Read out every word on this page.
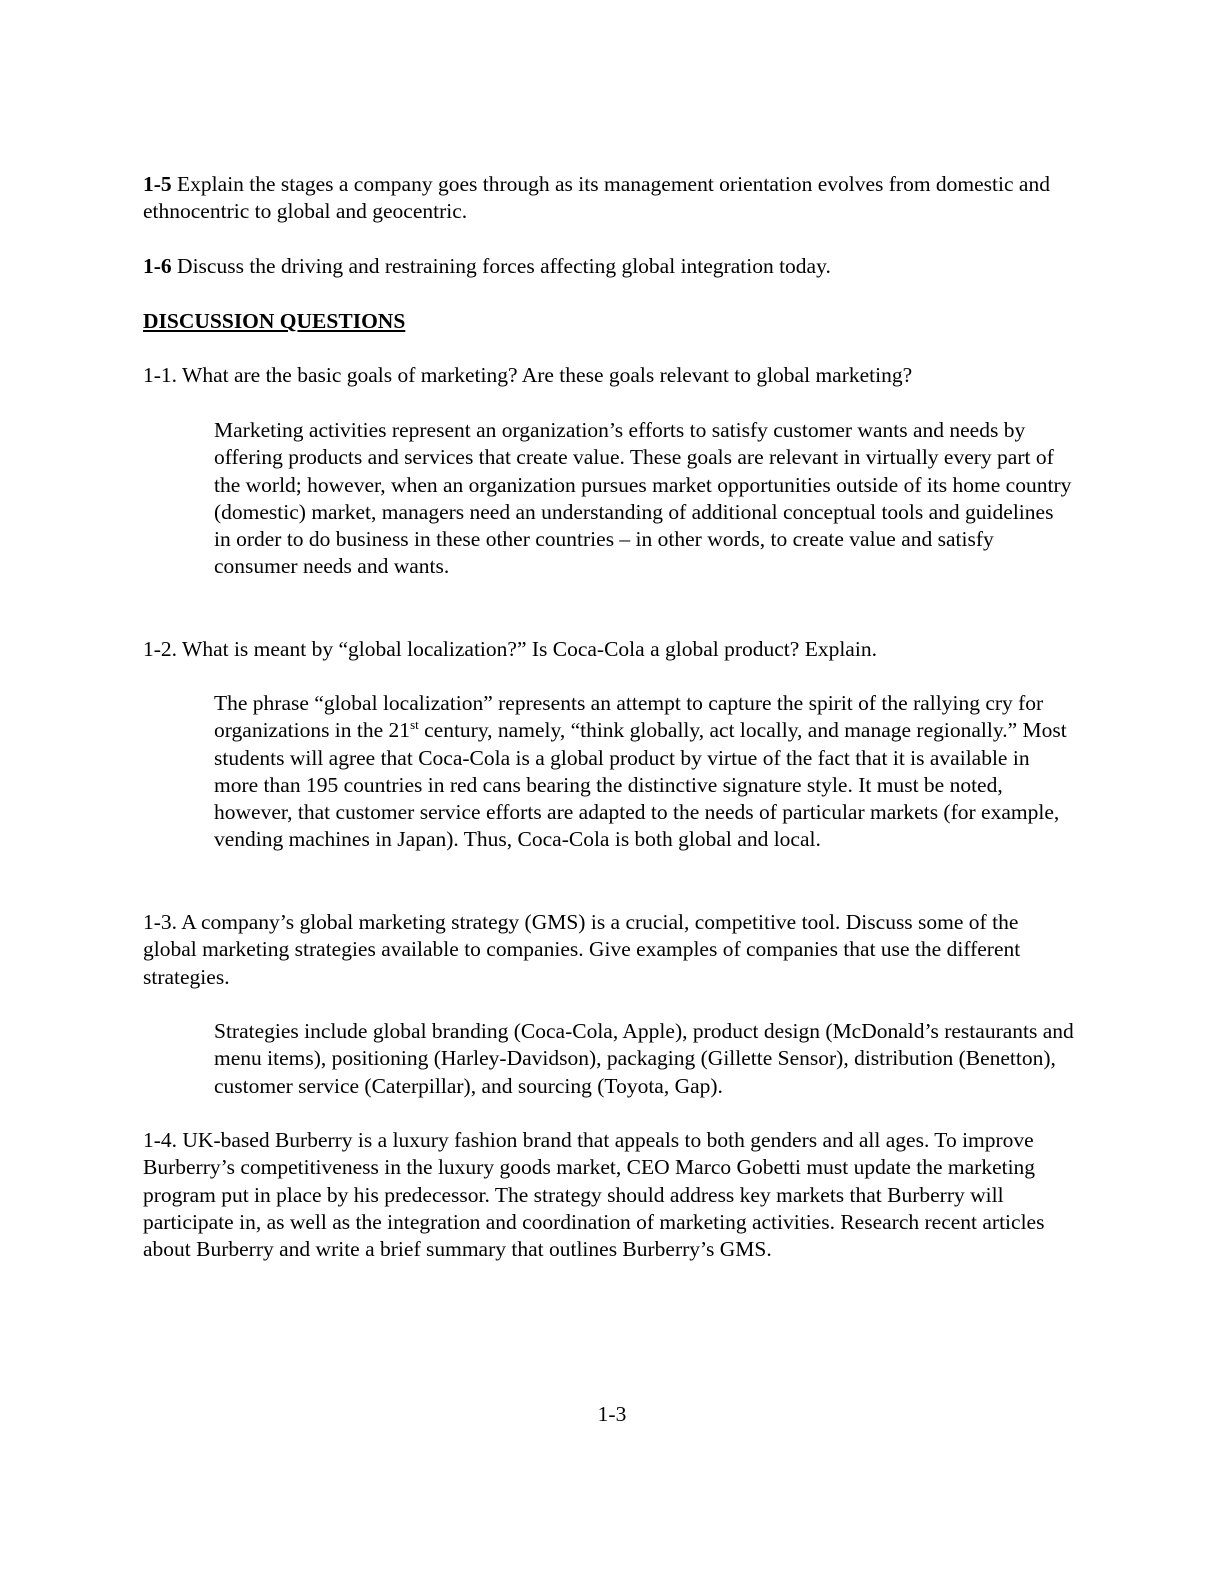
1-5 Explain the stages a company goes through as its management orientation evolves from domestic and ethnocentric to global and geocentric.

1-6 Discuss the driving and restraining forces affecting global integration today.

DISCUSSION QUESTIONS

1-1. What are the basic goals of marketing? Are these goals relevant to global marketing?

Marketing activities represent an organization’s efforts to satisfy customer wants and needs by offering products and services that create value. These goals are relevant in virtually every part of the world; however, when an organization pursues market opportunities outside of its home country (domestic) market, managers need an understanding of additional conceptual tools and guidelines in order to do business in these other countries – in other words, to create value and satisfy consumer needs and wants.

1-2. What is meant by “global localization?” Is Coca-Cola a global product? Explain.

The phrase “global localization” represents an attempt to capture the spirit of the rallying cry for organizations in the 21st century, namely, “think globally, act locally, and manage regionally.” Most students will agree that Coca-Cola is a global product by virtue of the fact that it is available in more than 195 countries in red cans bearing the distinctive signature style. It must be noted, however, that customer service efforts are adapted to the needs of particular markets (for example, vending machines in Japan). Thus, Coca-Cola is both global and local.

1-3. A company’s global marketing strategy (GMS) is a crucial, competitive tool. Discuss some of the global marketing strategies available to companies. Give examples of companies that use the different strategies.

Strategies include global branding (Coca-Cola, Apple), product design (McDonald’s restaurants and menu items), positioning (Harley-Davidson), packaging (Gillette Sensor), distribution (Benetton), customer service (Caterpillar), and sourcing (Toyota, Gap).

1-4. UK-based Burberry is a luxury fashion brand that appeals to both genders and all ages. To improve Burberry’s competitiveness in the luxury goods market, CEO Marco Gobetti must update the marketing program put in place by his predecessor. The strategy should address key markets that Burberry will participate in, as well as the integration and coordination of marketing activities. Research recent articles about Burberry and write a brief summary that outlines Burberry’s GMS.

1-3
